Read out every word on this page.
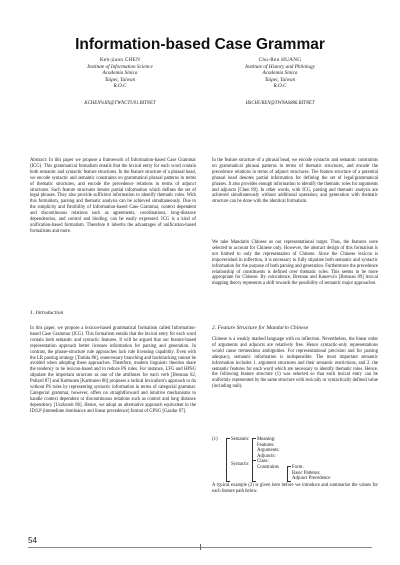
Information-based Case Grammar
Keh-jiann CHEN
Institute of Information Science
Academia Sinica
Taipei, Taiwan
R.O.C
Chu-Ren HUANG
Institute of History and Philology
Academia Sinica
Taipei, Taiwan
R.O.C
KCHEN%IIS@TWNCTU01.BITNET	HSCHUREN@TWNAS886.BITNET

Abstract: In this paper we propose a framework of Information-based Case Grammar (ICG). This grammatical formalism entails that the lexical entry for each word contain both semantic and syntactic feature structures. In the feature structure of a phrasal head, we encode syntactic and semantic constraints on grammatical phrasal patterns in terms of thematic structures, and encode the precedence relations in terms of adjunct structures. Such feature structures denote partial information which defines the set of legal phrases. They also provide sufficient information to identify thematic roles. With this formalism, parsing and thematic analysis can be achieved simultaneously. Due to the simplicity and flexibility of Information-based Case Grammar, context dependent and discontinuous relations such as agreements, coordinations, long-distance dependencies, and control and binding, can be easily expressed. ICG is a kind of unification-based formalism. Therefore it inherits the advantages of unification-based formalisms and more.

1. Introduction

In this paper, we propose a lexicon-based grammatical formalism called Information-based Case Grammar (ICG). This formalism entails that the lexical entry for each word contain both semantic and syntactic features. It will be argued that our feature-based representation approach better licenses information for parsing and generation. In contrast, the phrase-structure rule approaches lack rule licensing capability. Even with the LR parsing strategy [Tomita 86], unnecessary branching and backtracking cannot be avoided when adopting these approaches. Therefore, modern linguistic theories share the tendency to be lexicon-based and to reduce PS rules. For instance, LFG and HPSG stipulate the important structure as one of the attributes for each verb [Bresnan 82, Pollard 87] and Karttunen [Karttunen 86] proposes a radical lexicalism's approach to do without PS rules by representing syntactic information in terms of categorial grammar. Categorial grammar, however, offers no straightforward and intuitive mechanisms to handle context dependent or discontinuous relations such as control and long distance dependency [Uszkoreit 86]. Hence, we adopt an alternative approach equivalent to the ID/LP (immediate dominance and linear precedence) format of GPSG [Gazdar 87].

In the feature structure of a phrasal head, we encode syntactic and semantic constraints on grammatical phrasal patterns in terms of thematic structures, and encode the precedence relations in terms of adjunct structures. The feature structure of a potential phrasal head denotes partial information for defining the set of legal/grammatical phrases. It also provides enough information to identify the thematic roles for arguments and adjuncts [Chen 89]. In other words, with ICG, parsing and thematic analysis are achieved simultaneously without additional operation; and generation with thematic structure can be done with the identical formalism.

We take Mandarin Chinese as our representational target. Thus, the features were selected to account for Chinese only. However, the abstract design of this formalism is not limited to only the representation of Chinese. Since the Chinese lexicon is impoverished in inflection, it is necessary to fully stipulate both semantic and syntactic information for the purpose of both parsing and generation. Furthermore the precedence relationship of constituents is defined over thematic roles. This seems to be more appropriate for Chinese. By coincidence, Bresnan and Kanerva's [Bresnan 89] lexical mapping theory represents a shift towards the possibility of semantic major approaches.

2. Feature Structure for Mandarin Chinese

Chinese is a weakly marked language with no inflection. Nevertheless, the linear order of arguments and adjuncts are relatively free. Hence syntactic-only representations would cause tremendous ambiguities. For representational precision and for parsing adequacy, semantic information is indispensible. The most important semantic information includes 1. argument structures and their semantic restrictions, and 2. the semantic features for each word which are necessary to identify thematic roles. Hence, the following feature structure (1) was selected so that each lexical entry can be uniformly represented by the same structure with lexically or syntactically defined value (including null).

(1)	Semantic Meaning:
Features:
Arguments:
Adjuncts:
Syntactic
Class:
Constraints	Form:
Basic Patterns:
Adjunct Precedence

A typical example (2) is given here before we introduce and summarize the values for each feature path below.

54
